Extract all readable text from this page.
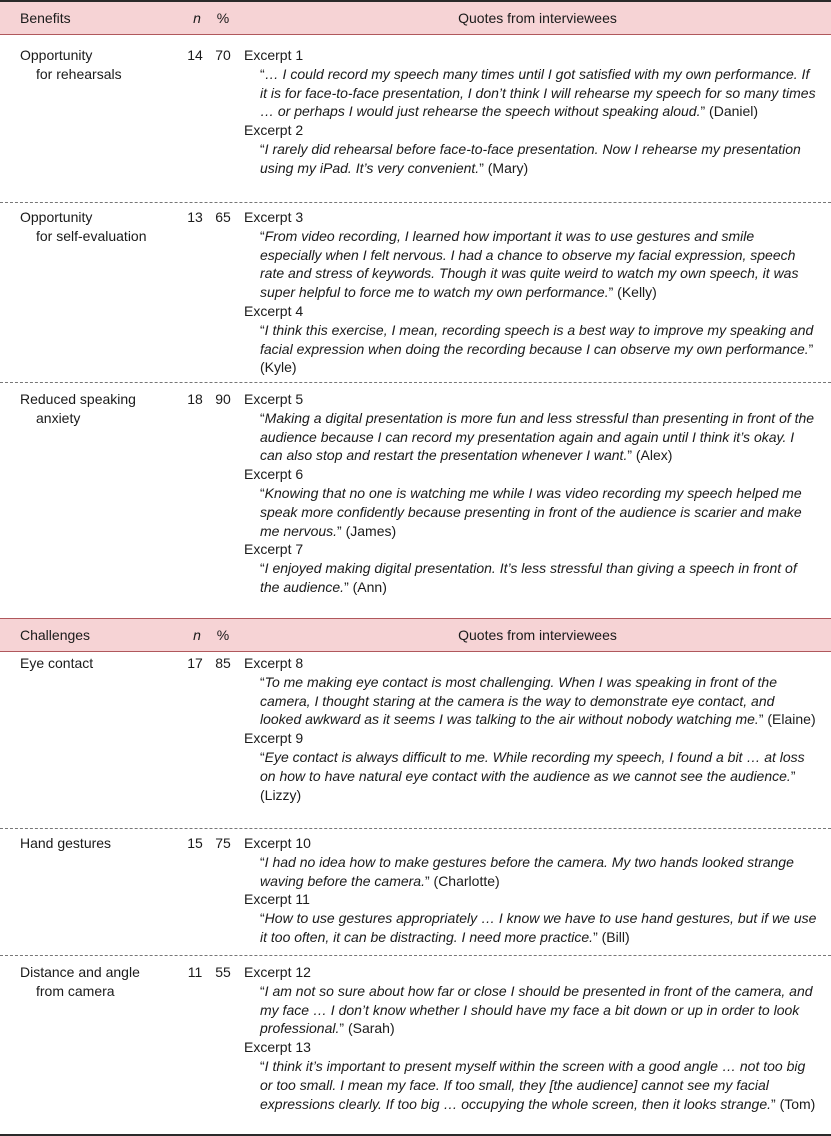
Benefits	n	%	Quotes from interviewees
Opportunity
for rehearsals
14 70 Excerpt 1
“… I could record my speech many times until I got satisfied with my own performance. If it is for face-to-face presentation, I don’t think I will rehearse my speech for so many times … or perhaps I would just rehearse the speech without speaking aloud.” (Daniel)
Excerpt 2
“I rarely did rehearsal before face-to-face presentation. Now I rehearse my presentation using my iPad. It’s very convenient.” (Mary)
Opportunity
for self-evaluation
13 65 Excerpt 3
“From video recording, I learned how important it was to use gestures and smile especially when I felt nervous. I had a chance to observe my facial expression, speech rate and stress of keywords. Though it was quite weird to watch my own speech, it was super helpful to force me to watch my own performance.” (Kelly)
Excerpt 4
“I think this exercise, I mean, recording speech is a best way to improve my speaking and facial expression when doing the recording because I can observe my own performance.” (Kyle)
Reduced speaking
anxiety
18 90 Excerpt 5
“Making a digital presentation is more fun and less stressful than presenting in front of the audience because I can record my presentation again and again until I think it’s okay. I can also stop and restart the presentation whenever I want.” (Alex)
Excerpt 6
“Knowing that no one is watching me while I was video recording my speech helped me speak more confidently because presenting in front of the audience is scarier and make me nervous.” (James)
Excerpt 7
“I enjoyed making digital presentation. It’s less stressful than giving a speech in front of the audience.” (Ann)
Challenges	n	%	Quotes from interviewees
Eye contact	17 85 Excerpt 8
“To me making eye contact is most challenging. When I was speaking in front of the camera, I thought staring at the camera is the way to demonstrate eye contact, and looked awkward as it seems I was talking to the air without nobody watching me.” (Elaine)
Excerpt 9
“Eye contact is always difficult to me. While recording my speech, I found a bit … at loss on how to have natural eye contact with the audience as we cannot see the audience.” (Lizzy)
Hand gestures	15 75 Excerpt 10
“I had no idea how to make gestures before the camera. My two hands looked strange waving before the camera.” (Charlotte)
Excerpt 11
“How to use gestures appropriately … I know we have to use hand gestures, but if we use it too often, it can be distracting. I need more practice.” (Bill)
Distance and angle
from camera
11 55 Excerpt 12
“I am not so sure about how far or close I should be presented in front of the camera, and my face … I don’t know whether I should have my face a bit down or up in order to look professional.” (Sarah)
Excerpt 13
“I think it’s important to present myself within the screen with a good angle … not too big or too small. I mean my face. If too small, they [the audience] cannot see my facial expressions clearly. If too big … occupying the whole screen, then it looks strange.” (Tom)
